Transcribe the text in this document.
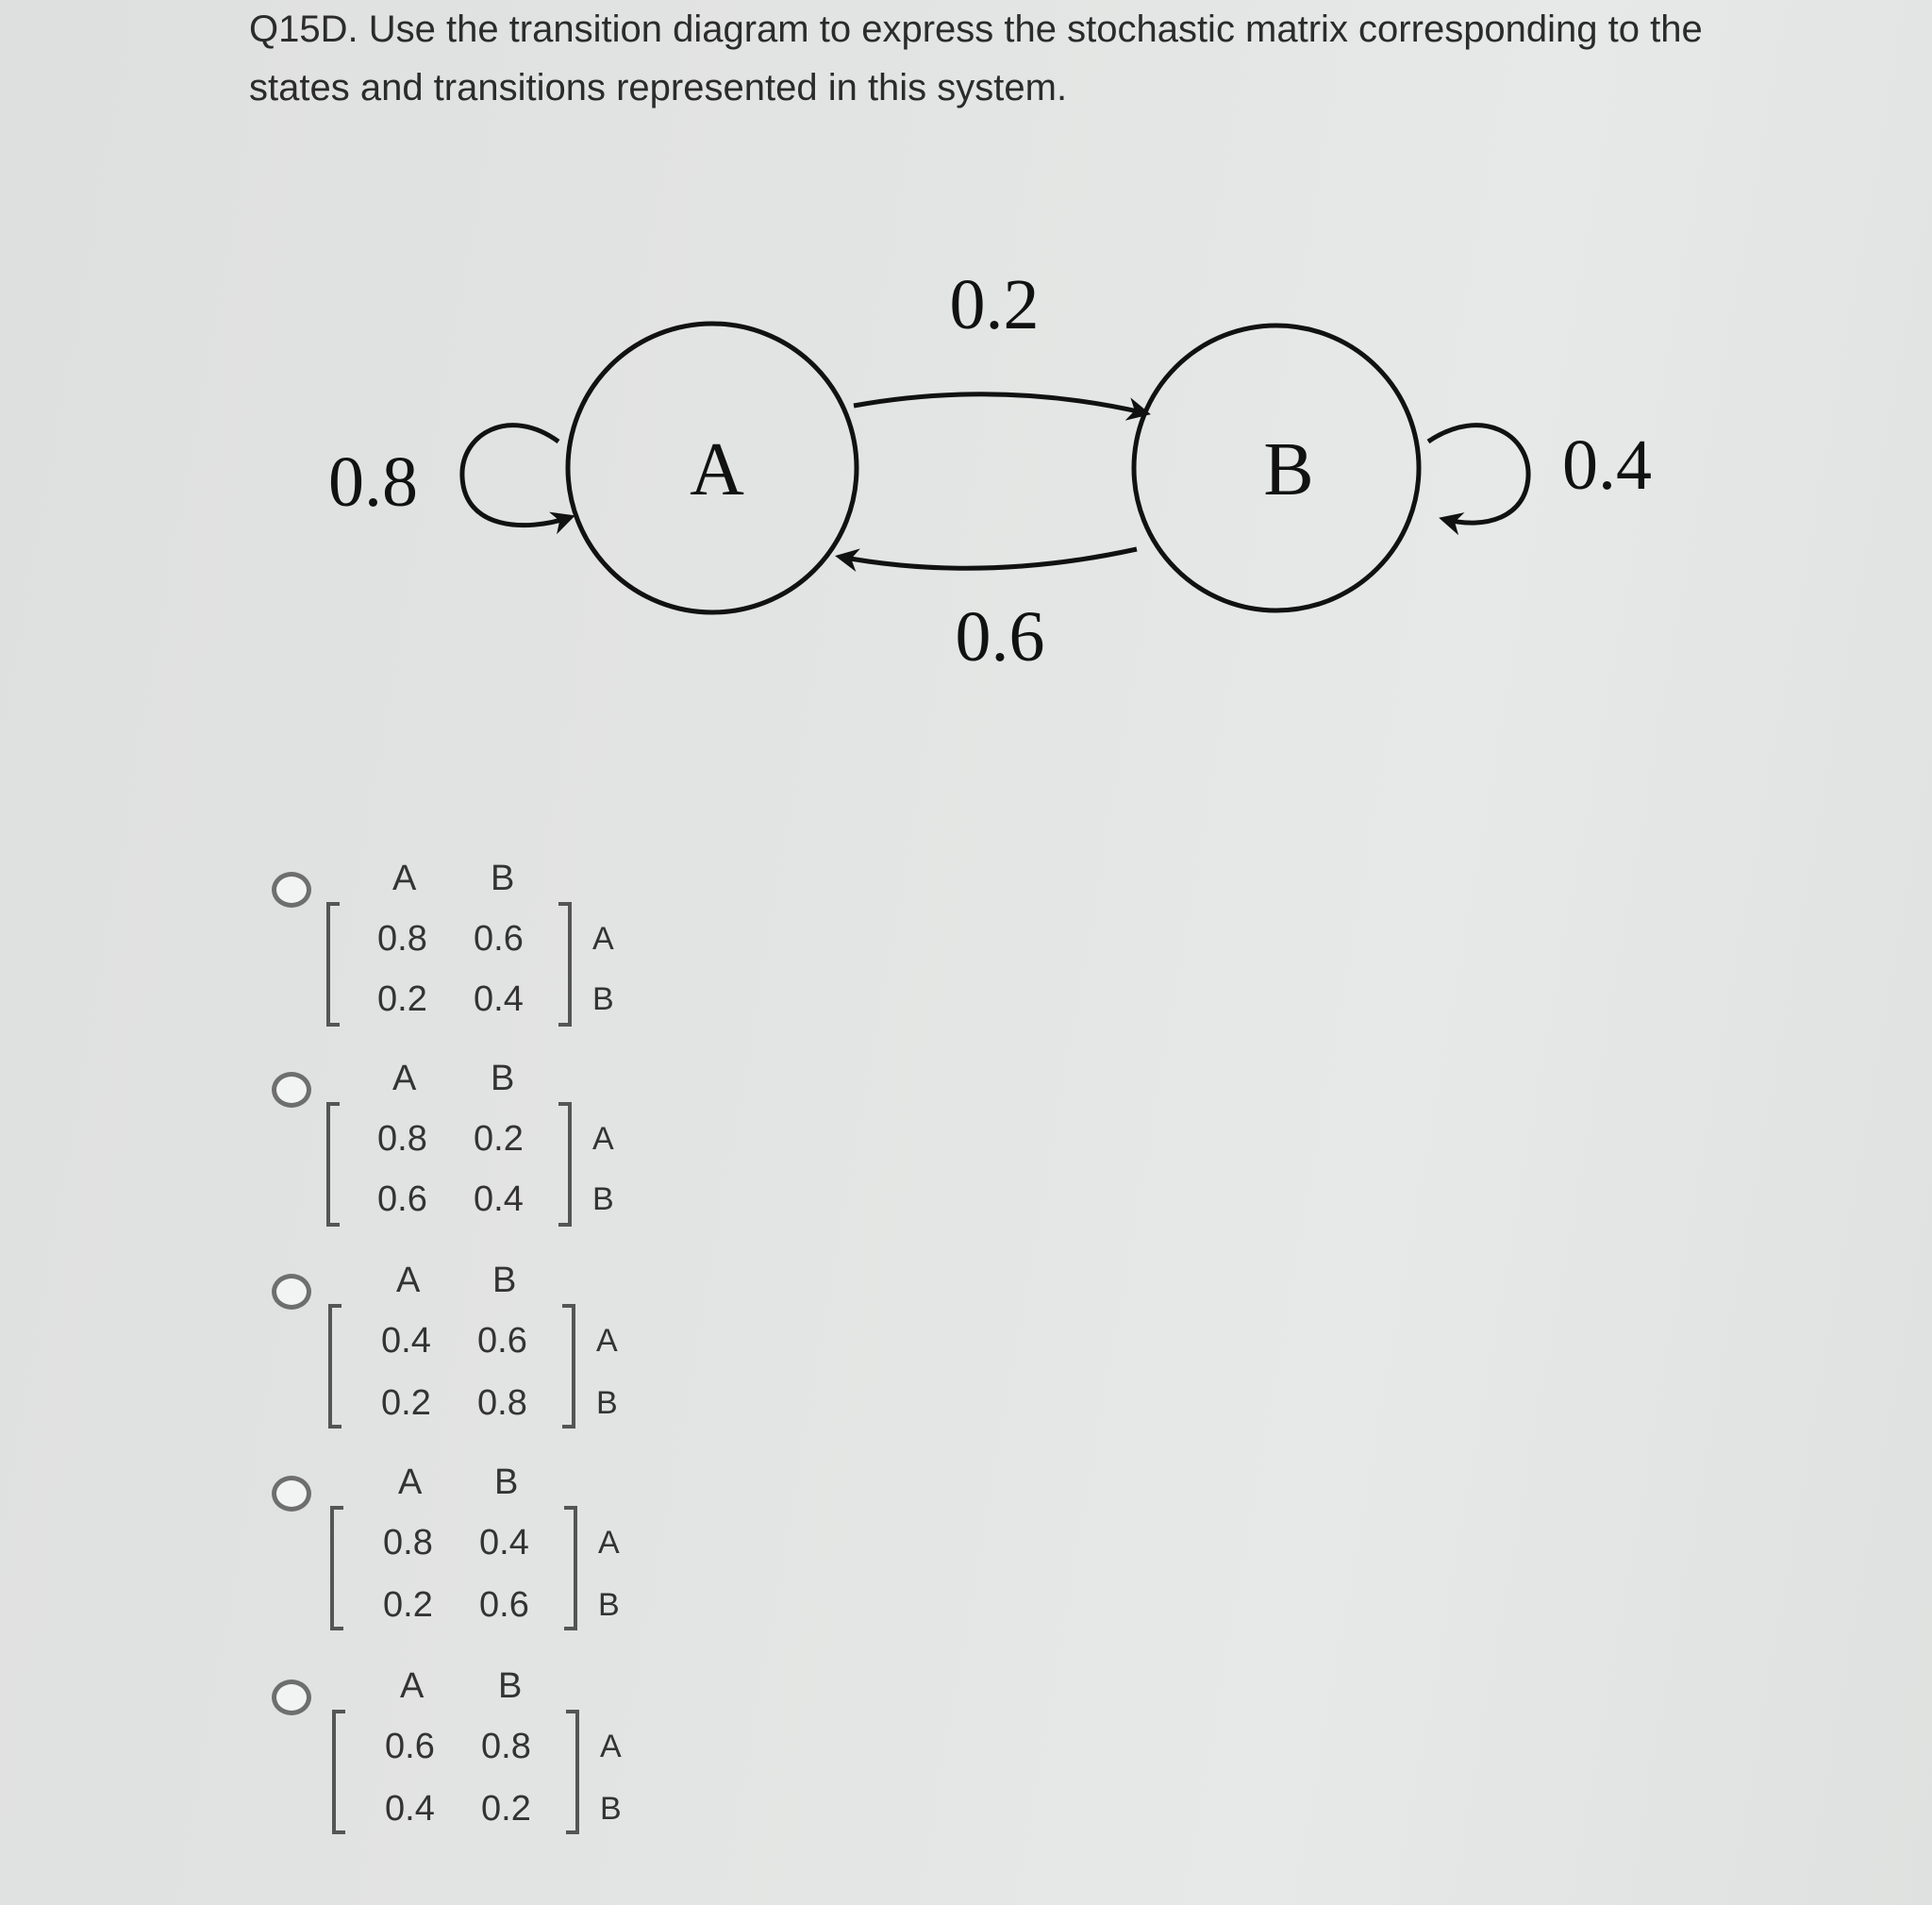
Q15D. Use the transition diagram to express the stochastic matrix corresponding to the states and transitions represented in this system.
A	B
0.2
0.6
0.8	0.4
A B
0.8 0.6
0.2 0.4
A
B
A B
0.8 0.2
0.6 0.4
A
B
A B
0.4 0.6
0.2 0.8
A
B
A B
0.8 0.4
0.2 0.6
A
B
A B
0.6 0.8
0.4 0.2
A
B
